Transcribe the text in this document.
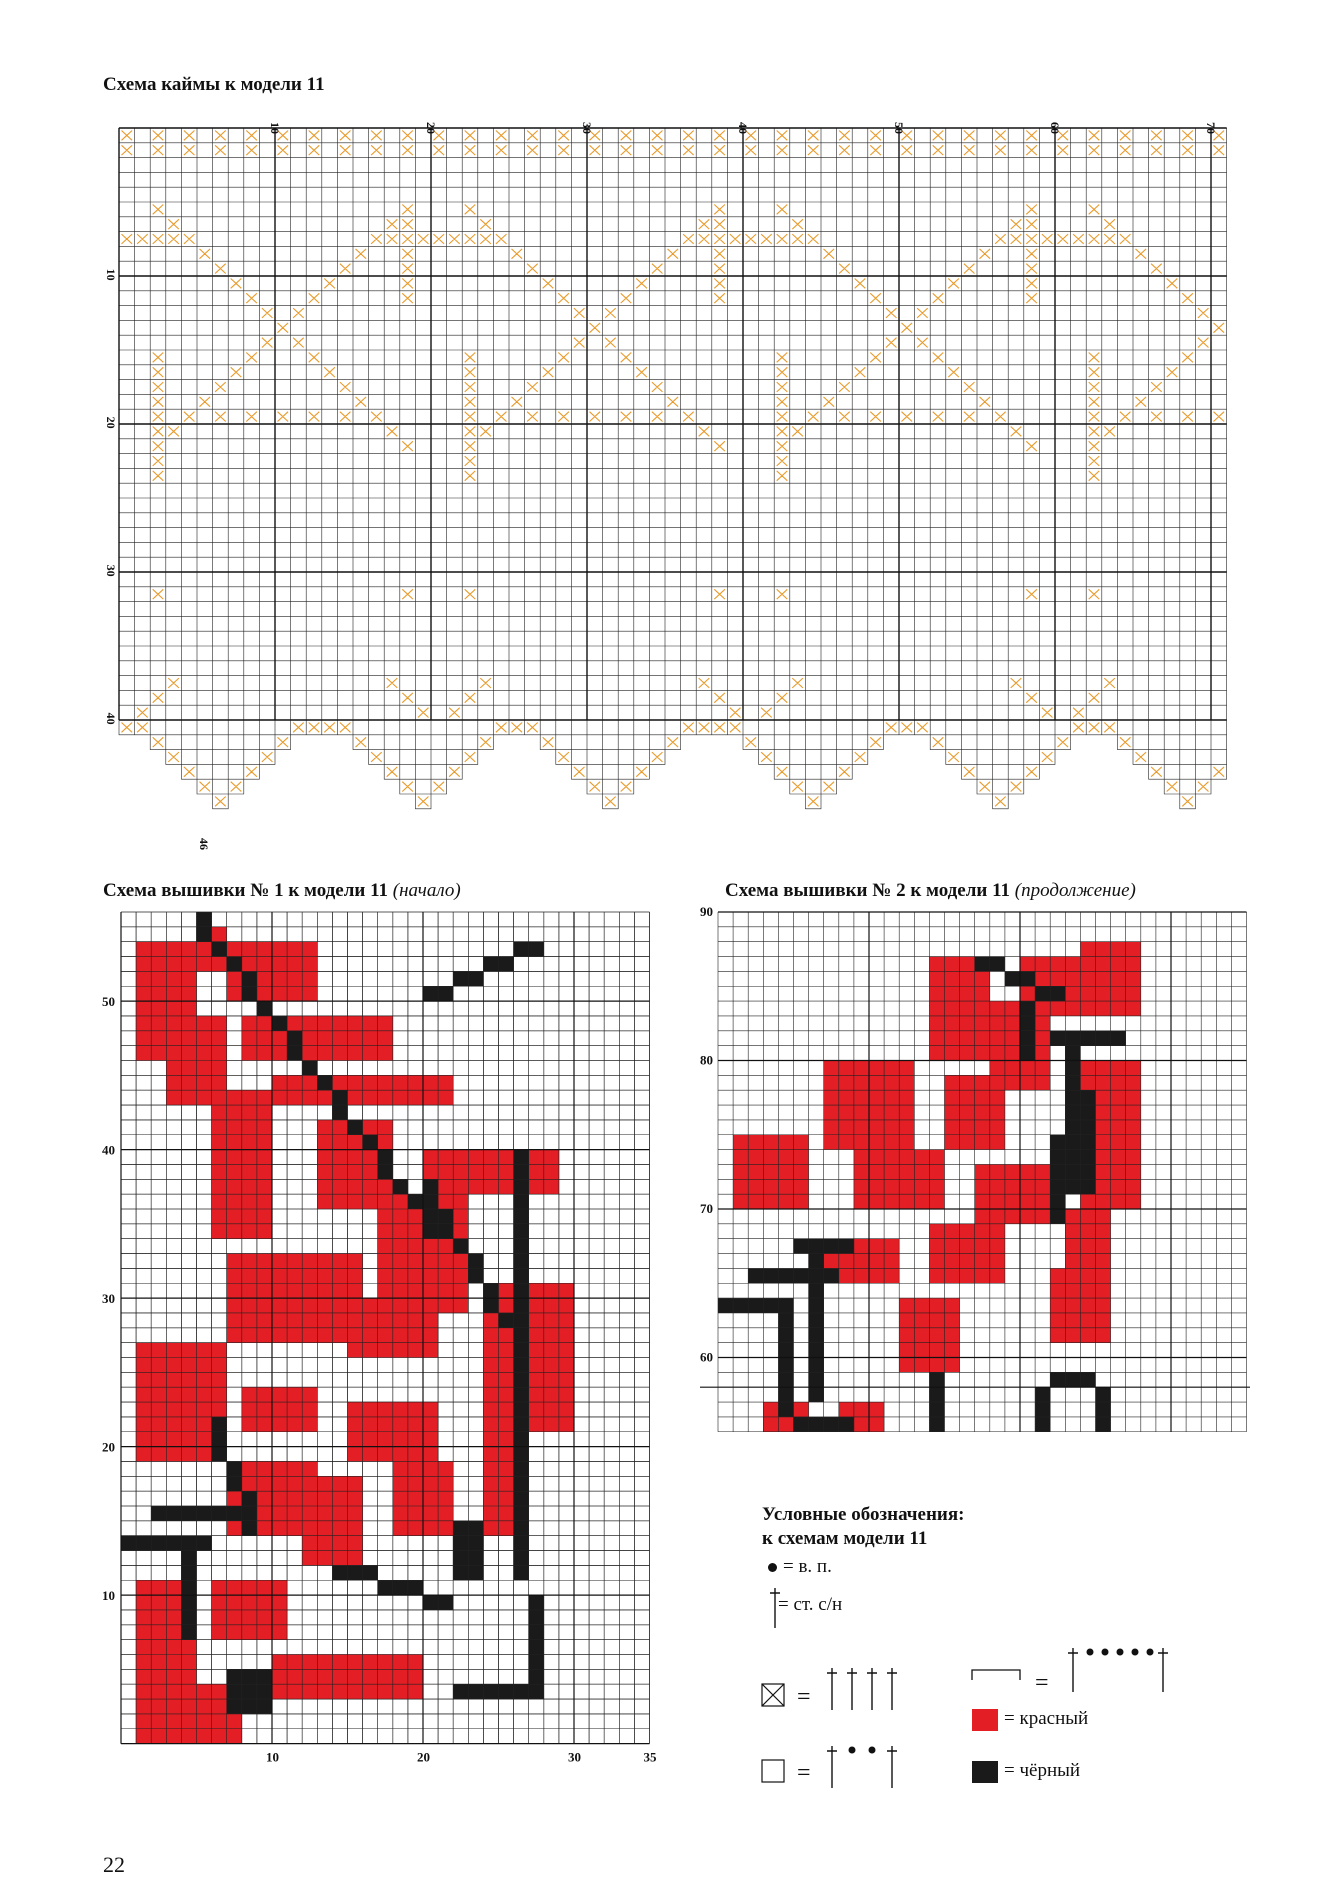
Схема каймы к модели 11
Схема вышивки № 1 к модели 11 (начало)	Схема вышивки № 2 к модели 11 (продолжение)
10	20	30	40	50	60	70
10
20
30
40
46
50
40
30
20
10
10	20	30	35
90
80
70
60
=
=
=
Условные обозначения:
к схемам модели 11
= в. п.
= ст. с/н
= красный
= чёрный
22
